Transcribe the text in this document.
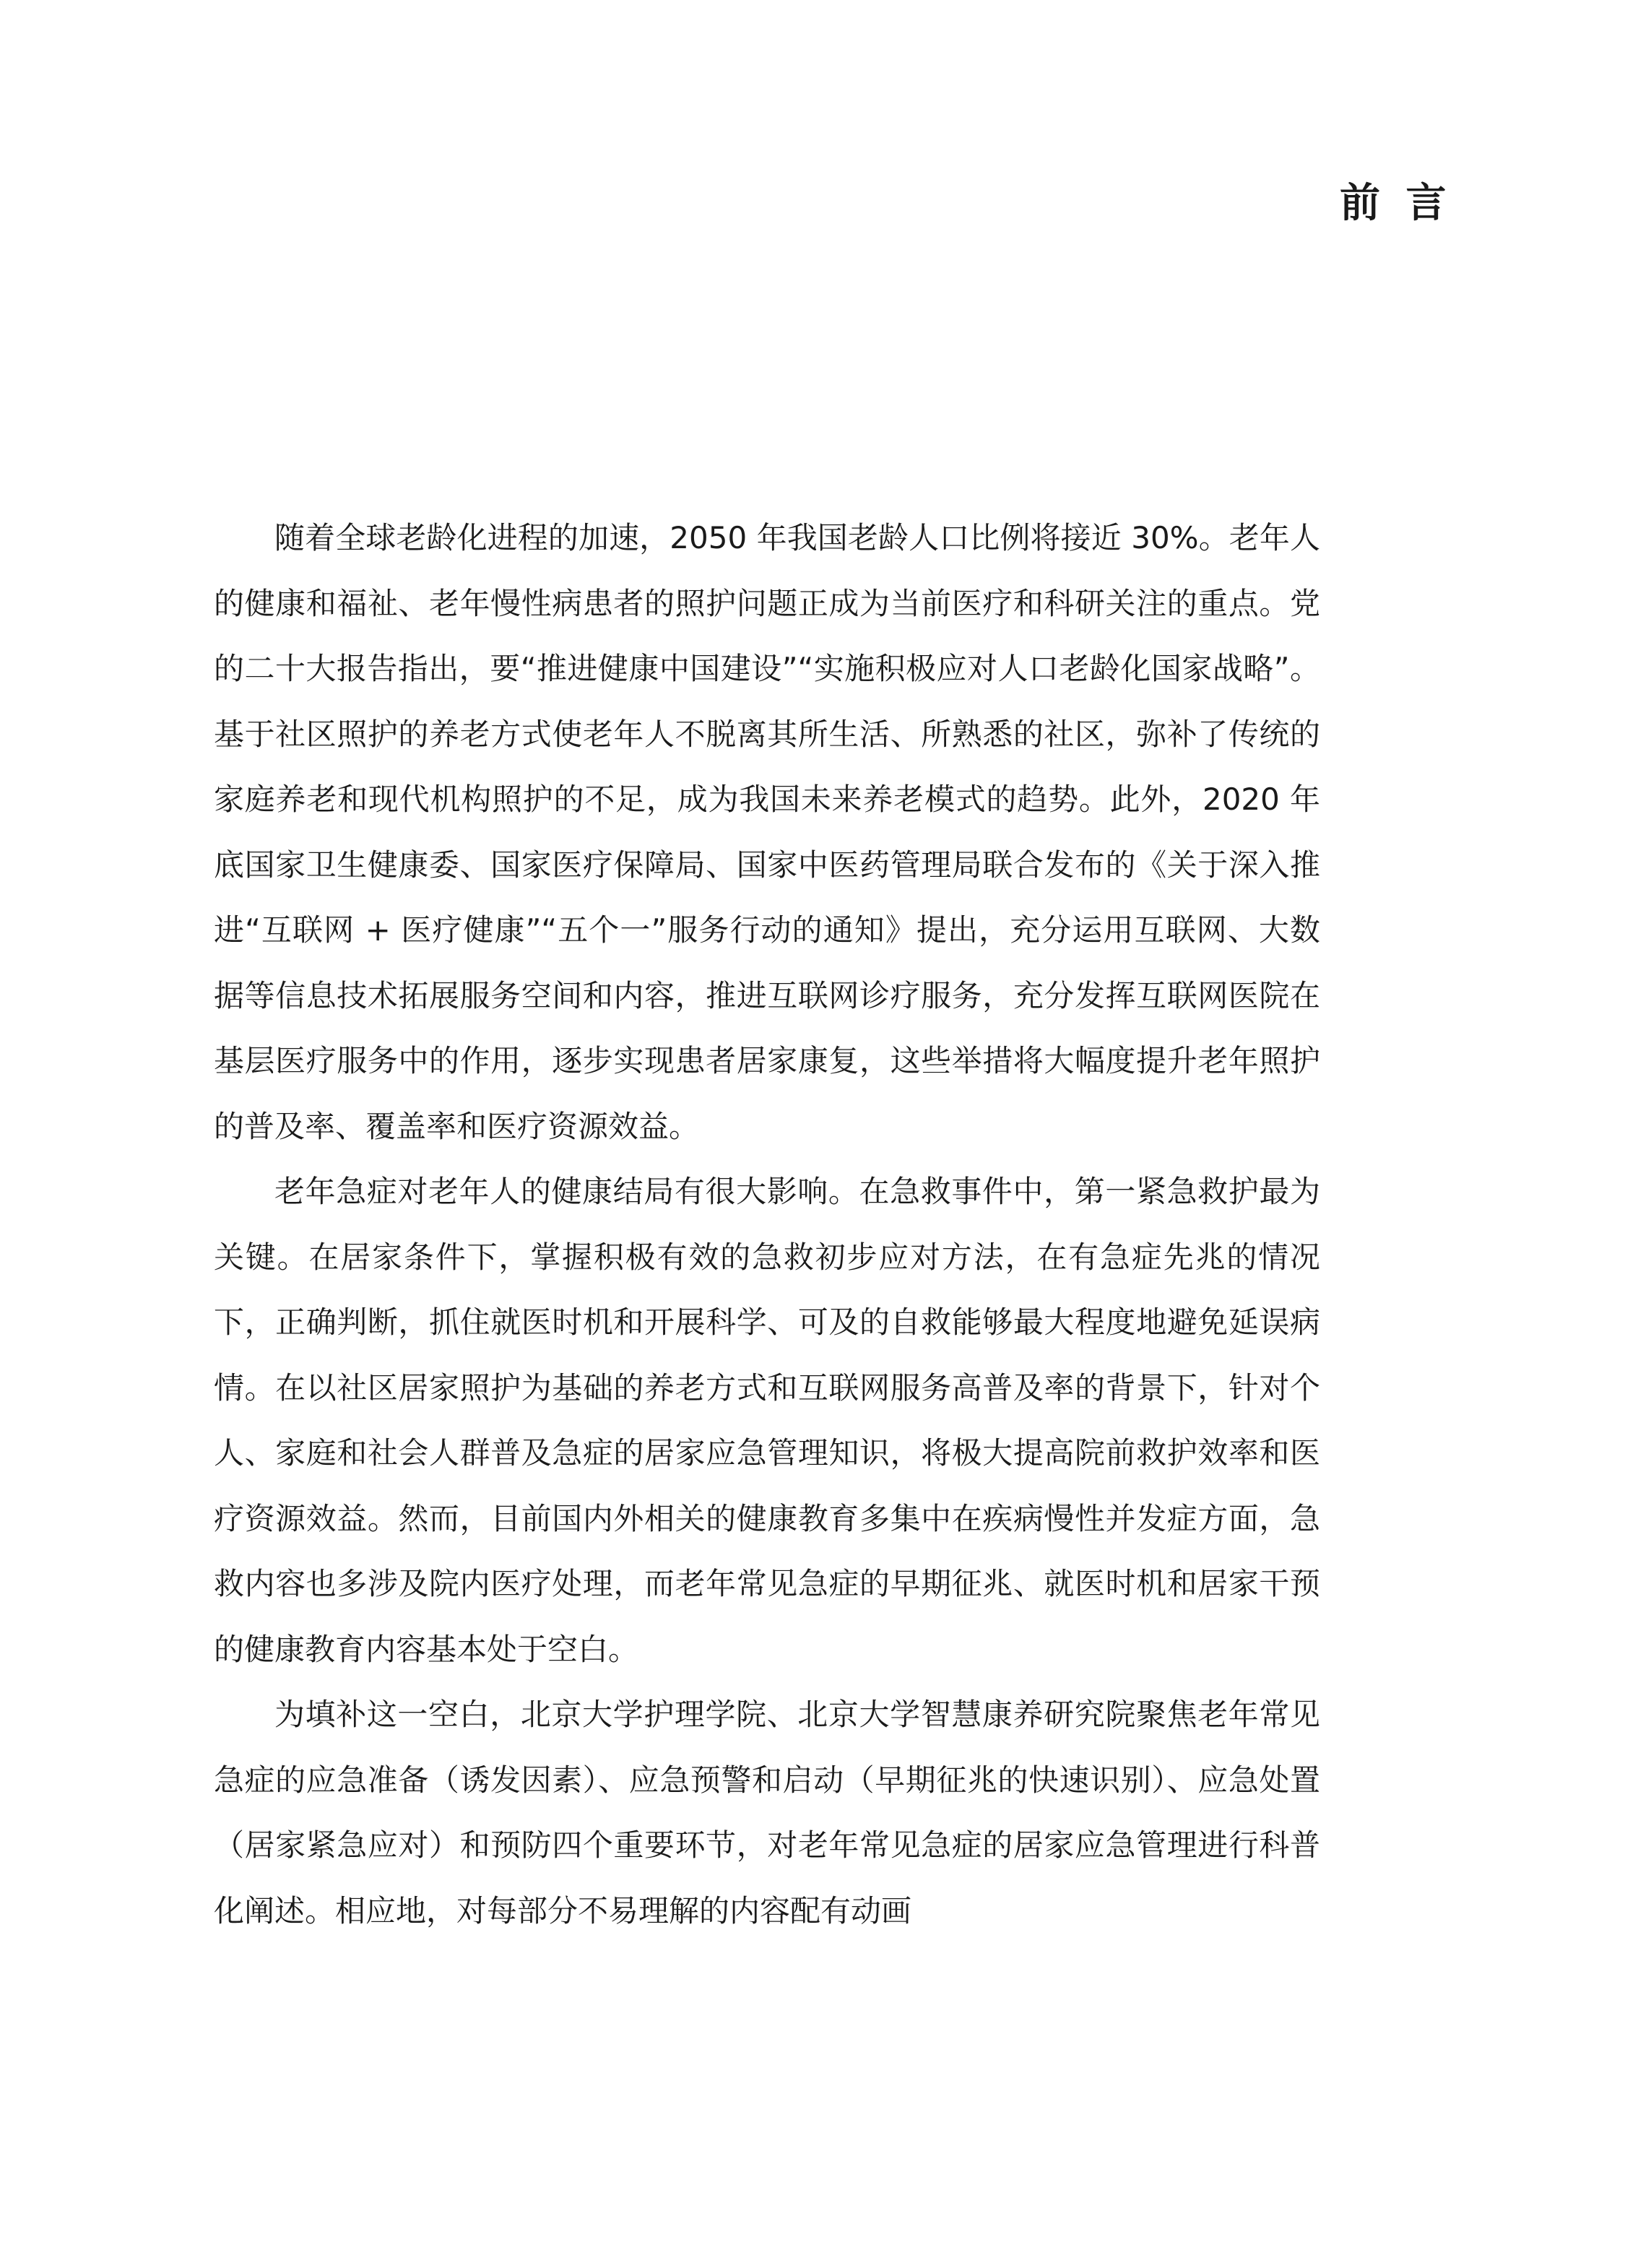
前 言

随着全球老龄化进程的加速，2050 年我国老龄人口比例将接近 30%。老年人的健康和福祉、老年慢性病患者的照护问题正成为当前医疗和科研关注的重点。党的二十大报告指出，要“推进健康中国建设”“实施积极应对人口老龄化国家战略”。基于社区照护的养老方式使老年人不脱离其所生活、所熟悉的社区，弥补了传统的家庭养老和现代机构照护的不足，成为我国未来养老模式的趋势。此外，2020 年底国家卫生健康委、国家医疗保障局、国家中医药管理局联合发布的《关于深入推进“互联网 + 医疗健康”“五个一”服务行动的通知》提出，充分运用互联网、大数据等信息技术拓展服务空间和内容，推进互联网诊疗服务，充分发挥互联网医院在基层医疗服务中的作用，逐步实现患者居家康复，这些举措将大幅度提升老年照护的普及率、覆盖率和医疗资源效益。

老年急症对老年人的健康结局有很大影响。在急救事件中，第一紧急救护最为关键。在居家条件下，掌握积极有效的急救初步应对方法，在有急症先兆的情况下，正确判断，抓住就医时机和开展科学、可及的自救能够最大程度地避免延误病情。在以社区居家照护为基础的养老方式和互联网服务高普及率的背景下，针对个人、家庭和社会人群普及急症的居家应急管理知识，将极大提高院前救护效率和医疗资源效益。然而，目前国内外相关的健康教育多集中在疾病慢性并发症方面，急救内容也多涉及院内医疗处理，而老年常见急症的早期征兆、就医时机和居家干预的健康教育内容基本处于空白。

为填补这一空白，北京大学护理学院、北京大学智慧康养研究院聚焦老年常见急症的应急准备（诱发因素）、应急预警和启动（早期征兆的快速识别）、应急处置（居家紧急应对）和预防四个重要环节，对老年常见急症的居家应急管理进行科普化阐述。相应地，对每部分不易理解的内容配有动画
